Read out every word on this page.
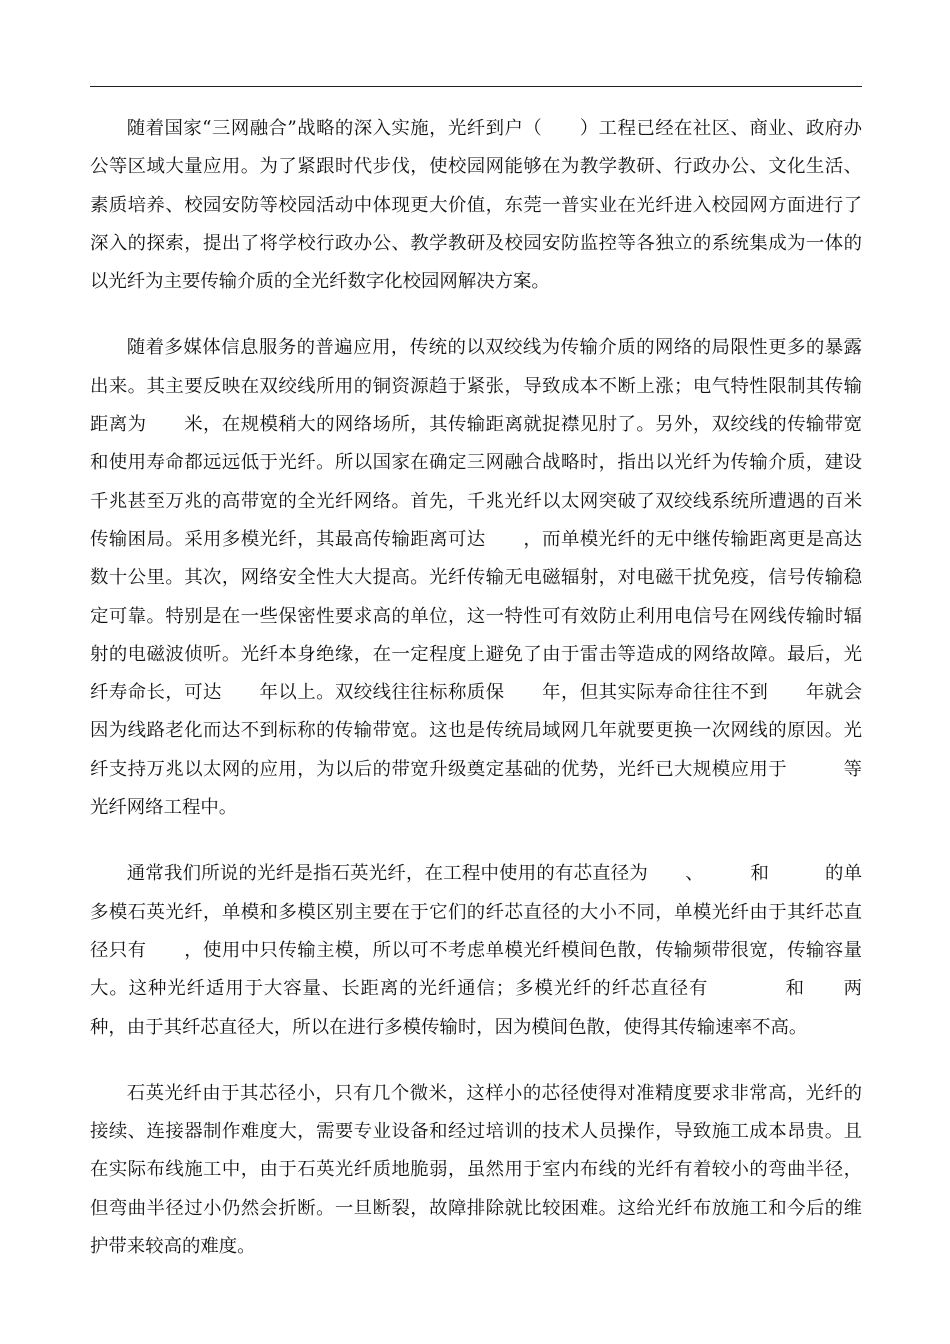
随着国家“三网融合”战略的深入实施，光纤到户（　　）工程已经在社区、商业、政府办公等区域大量应用。为了紧跟时代步伐，使校园网能够在为教学教研、行政办公、文化生活、素质培养、校园安防等校园活动中体现更大价值，东莞一普实业在光纤进入校园网方面进行了深入的探索，提出了将学校行政办公、教学教研及校园安防监控等各独立的系统集成为一体的以光纤为主要传输介质的全光纤数字化校园网解决方案。

随着多媒体信息服务的普遍应用，传统的以双绞线为传输介质的网络的局限性更多的暴露出来。其主要反映在双绞线所用的铜资源趋于紧张，导致成本不断上涨；电气特性限制其传输距离为　　米，在规模稍大的网络场所，其传输距离就捉襟见肘了。另外，双绞线的传输带宽和使用寿命都远远低于光纤。所以国家在确定三网融合战略时，指出以光纤为传输介质，建设千兆甚至万兆的高带宽的全光纤网络。首先，千兆光纤以太网突破了双绞线系统所遭遇的百米传输困局。采用多模光纤，其最高传输距离可达　　，而单模光纤的无中继传输距离更是高达数十公里。其次，网络安全性大大提高。光纤传输无电磁辐射，对电磁干扰免疫，信号传输稳定可靠。特别是在一些保密性要求高的单位，这一特性可有效防止利用电信号在网线传输时辐射的电磁波侦听。光纤本身绝缘，在一定程度上避免了由于雷击等造成的网络故障。最后，光纤寿命长，可达　　年以上。双绞线往往标称质保　　年，但其实际寿命往往不到　　年就会因为线路老化而达不到标称的传输带宽。这也是传统局域网几年就要更换一次网线的原因。光纤支持万兆以太网的应用，为以后的带宽升级奠定基础的优势，光纤已大规模应用于　　　等光纤网络工程中。

通常我们所说的光纤是指石英光纤，在工程中使用的有芯直径为　　、　　　和　　　的单多模石英光纤，单模和多模区别主要在于它们的纤芯直径的大小不同，单模光纤由于其纤芯直径只有　　，使用中只传输主模，所以可不考虑单模光纤模间色散，传输频带很宽，传输容量大。这种光纤适用于大容量、长距离的光纤通信；多模光纤的纤芯直径有　　　　和　　两种，由于其纤芯直径大，所以在进行多模传输时，因为模间色散，使得其传输速率不高。

石英光纤由于其芯径小，只有几个微米，这样小的芯径使得对准精度要求非常高，光纤的接续、连接器制作难度大，需要专业设备和经过培训的技术人员操作，导致施工成本昂贵。且在实际布线施工中，由于石英光纤质地脆弱，虽然用于室内布线的光纤有着较小的弯曲半径，但弯曲半径过小仍然会折断。一旦断裂，故障排除就比较困难。这给光纤布放施工和今后的维护带来较高的难度。
